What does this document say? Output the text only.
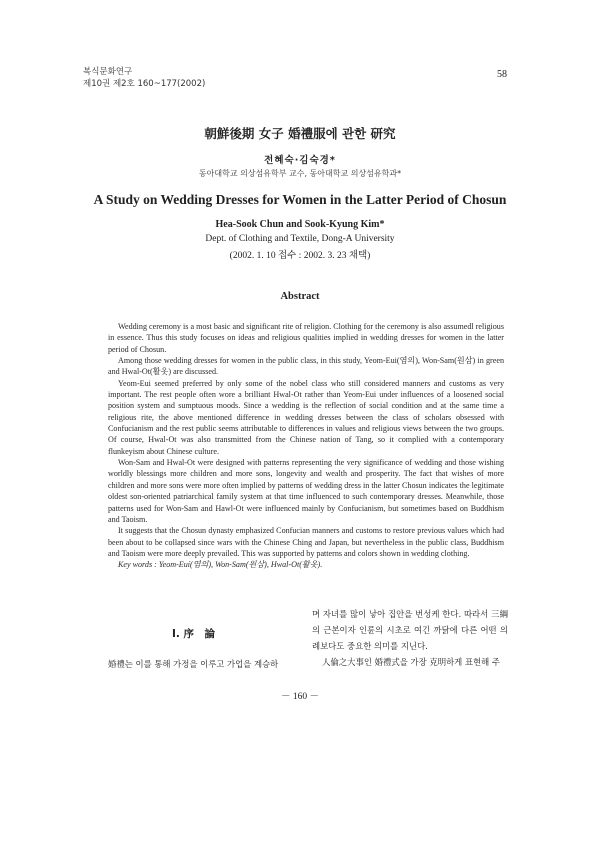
복식문화연구
제10권 제2호 160~177(2002)
58
朝鮮後期 女子 婚禮服에 관한 研究
전혜숙·김숙경*
동아대학교 의상섬유학부 교수, 동아대학교 의상섬유학과*
A Study on Wedding Dresses for Women in the Latter Period of Chosun
Hea-Sook Chun and Sook-Kyung Kim*
Dept. of Clothing and Textile, Dong-A University
(2002. 1. 10 접수 : 2002. 3. 23 채택)
Abstract

Wedding ceremony is a most basic and significant rite of religion. Clothing for the ceremony is also assumedl religious in essence. Thus this study focuses on ideas and religious qualities implied in wedding dresses for women in the latter period of Chosun.

Among those wedding dresses for women in the public class, in this study, Yeom-Eui(염의), Won-Sam(원삼) in green and Hwal-Ot(활옷) are discussed.

Yeom-Eui seemed preferred by only some of the nobel class who still considered manners and customs as very important. The rest people often wore a brilliant Hwal-Ot rather than Yeom-Eui under influences of a loosened social position system and sumptuous moods. Since a wedding is the reflection of social condition and at the same time a religious rite, the above mentioned difference in wedding dresses between the class of scholars obsessed with Confucianism and the rest public seems attributable to differences in values and religious views between the two groups. Of course, Hwal-Ot was also transmitted from the Chinese nation of Tang, so it complied with a contemporary flunkeyism about Chinese culture.

Won-Sam and Hwal-Ot were designed with patterns representing the very significance of wedding and those wishing worldly blessings more children and more sons, longevity and wealth and prosperity. The fact that wishes of more children and more sons were more often implied by patterns of wedding dress in the latter Chosun indicates the legitimate oldest son-oriented patriarchical family system at that time influenced to such contemporary dresses. Meanwhile, those patterns used for Won-Sam and Hawl-Ot were influenced mainly by Confucianism, but sometimes based on Buddhism and Taoism.

It suggests that the Chosun dynasty emphasized Confucian manners and customs to restore previous values which had been about to be collapsed since wars with the Chinese Ching and Japan, but nevertheless in the public class, Buddhism and Taoism were more deeply prevailed. This was supported by patterns and colors shown in wedding clothing.

Key words : Yeom-Euí(염의), Won-Sam(원삼), Hwal-Ot(활옷).

Ⅰ. 序　論

婚禮는 이를 통해 가정을 이루고 가업을 계승하

며 자녀를 많이 낳아 집안을 번성케 한다. 따라서 三綱의 근본이자 인륜의 시초로 여긴 까닭에 다른 어떤 의례보다도 중요한 의미를 지닌다.

人倫之大事인 婚禮式을 가장 克明하게 표현해 주

－ 160 －
